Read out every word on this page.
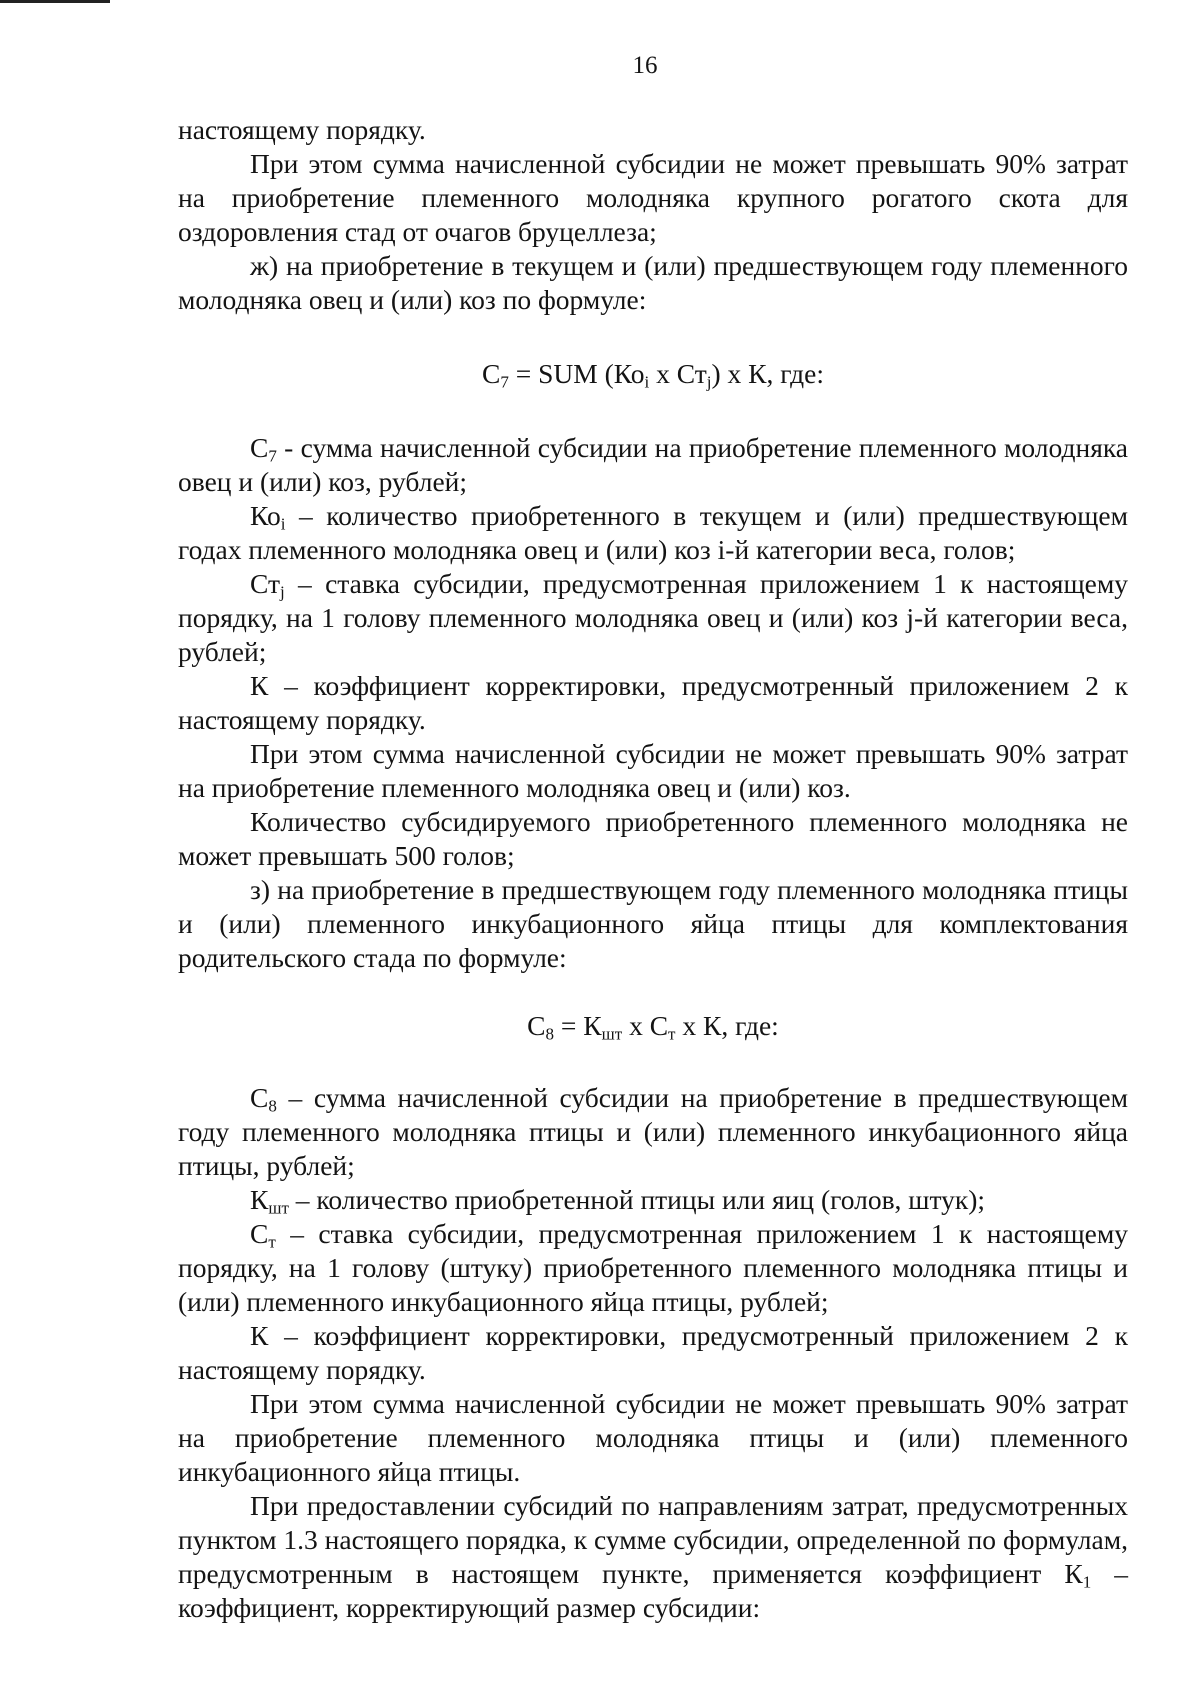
16

настоящему порядку.

При этом сумма начисленной субсидии не может превышать 90% затрат на приобретение племенного молодняка крупного рогатого скота для оздоровления стад от очагов бруцеллеза;

ж) на приобретение в текущем и (или) предшествующем году племенного молодняка овец и (или) коз по формуле:

$С_7$ = SUM ($Ко_i$ x $Ст_j$) x К, где:

$С_7$ - сумма начисленной субсидии на приобретение племенного молодняка овец и (или) коз, рублей;

$Ко_i$ – количество приобретенного в текущем и (или) предшествующем годах племенного молодняка овец и (или) коз i-й категории веса, голов;

$Ст_j$ – ставка субсидии, предусмотренная приложением 1 к настоящему порядку, на 1 голову племенного молодняка овец и (или) коз j-й категории веса, рублей;

К – коэффициент корректировки, предусмотренный приложением 2 к настоящему порядку.

При этом сумма начисленной субсидии не может превышать 90% затрат на приобретение племенного молодняка овец и (или) коз.

Количество субсидируемого приобретенного племенного молодняка не может превышать 500 голов;

з) на приобретение в предшествующем году племенного молодняка птицы и (или) племенного инкубационного яйца птицы для комплектования родительского стада по формуле:

$С_8 = К_{шт}$ x $С_т$ x К, где:

$С_8$ – сумма начисленной субсидии на приобретение в предшествующем году племенного молодняка птицы и (или) племенного инкубационного яйца птицы, рублей;

$К_{шт}$ – количество приобретенной птицы или яиц (голов, штук);

$С_т$ – ставка субсидии, предусмотренная приложением 1 к настоящему порядку, на 1 голову (штуку) приобретенного племенного молодняка птицы и (или) племенного инкубационного яйца птицы, рублей;

К – коэффициент корректировки, предусмотренный приложением 2 к настоящему порядку.

При этом сумма начисленной субсидии не может превышать 90% затрат на приобретение племенного молодняка птицы и (или) племенного инкубационного яйца птицы.

При предоставлении субсидий по направлениям затрат, предусмотренных пунктом 1.3 настоящего порядка, к сумме субсидии, определенной по формулам, предусмотренным в настоящем пункте, применяется коэффициент $К_1$ – коэффициент, корректирующий размер субсидии:
